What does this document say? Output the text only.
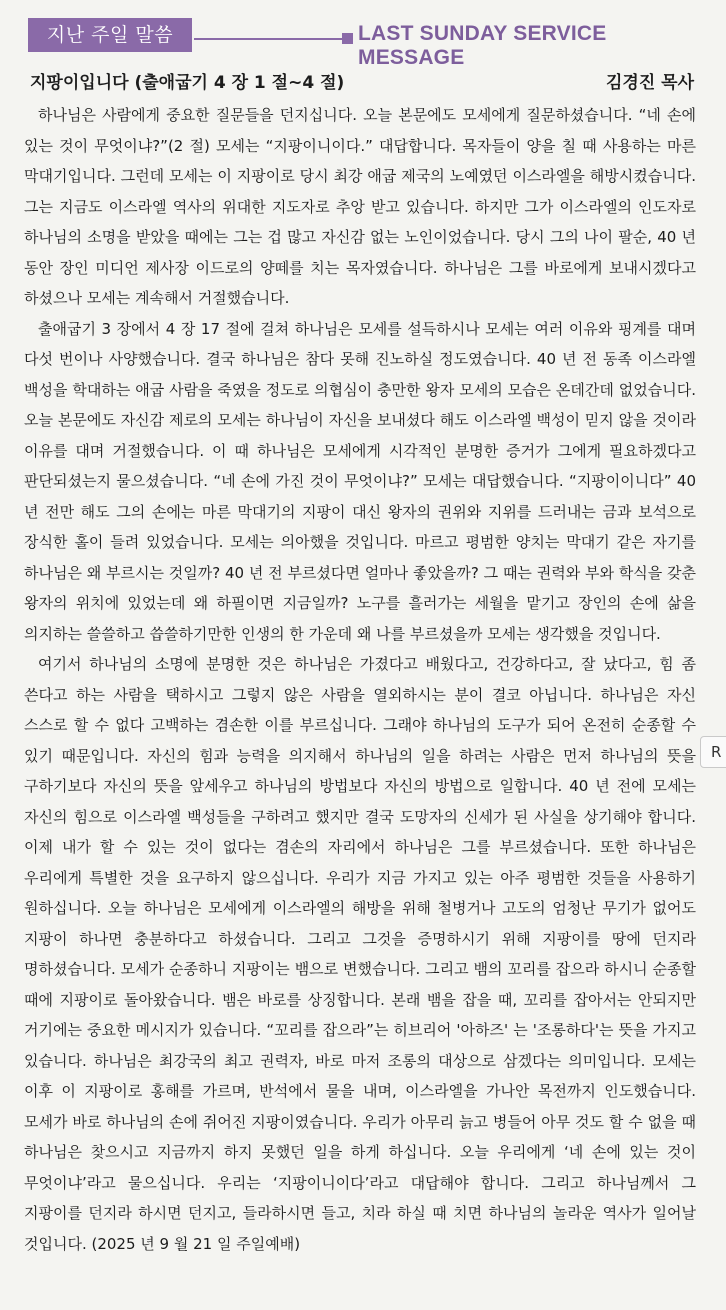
지난 주일 말씀	LAST SUNDAY SERVICE MESSAGE
지팡이입니다 (출애굽기 4 장 1 절~4 절)	김경진 목사

하나님은 사람에게 중요한 질문들을 던지십니다. 오늘 본문에도 모세에게 질문하셨습니다. “네 손에 있는 것이 무엇이냐?”(2 절) 모세는 “지팡이니이다.” 대답합니다. 목자들이 양을 칠 때 사용하는 마른 막대기입니다. 그런데 모세는 이 지팡이로 당시 최강 애굽 제국의 노예였던 이스라엘을 해방시켰습니다. 그는 지금도 이스라엘 역사의 위대한 지도자로 추앙 받고 있습니다. 하지만 그가 이스라엘의 인도자로 하나님의 소명을 받았을 때에는 그는 겁 많고 자신감 없는 노인이었습니다. 당시 그의 나이 팔순, 40 년 동안 장인 미디언 제사장 이드로의 양떼를 치는 목자였습니다. 하나님은 그를 바로에게 보내시겠다고 하셨으나 모세는 계속해서 거절했습니다.

출애굽기 3 장에서 4 장 17 절에 걸쳐 하나님은 모세를 설득하시나 모세는 여러 이유와 핑계를 대며 다섯 번이나 사양했습니다. 결국 하나님은 참다 못해 진노하실 정도였습니다. 40 년 전 동족 이스라엘 백성을 학대하는 애굽 사람을 죽였을 정도로 의협심이 충만한 왕자 모세의 모습은 온데간데 없었습니다. 오늘 본문에도 자신감 제로의 모세는 하나님이 자신을 보내셨다 해도 이스라엘 백성이 믿지 않을 것이라 이유를 대며 거절했습니다. 이 때 하나님은 모세에게 시각적인 분명한 증거가 그에게 필요하겠다고 판단되셨는지 물으셨습니다. “네 손에 가진 것이 무엇이냐?” 모세는 대답했습니다. “지팡이이니다” 40 년 전만 해도 그의 손에는 마른 막대기의 지팡이 대신 왕자의 권위와 지위를 드러내는 금과 보석으로 장식한 홀이 들려 있었습니다. 모세는 의아했을 것입니다. 마르고 평범한 양치는 막대기 같은 자기를 하나님은 왜 부르시는 것일까? 40 년 전 부르셨다면 얼마나 좋았을까? 그 때는 권력와 부와 학식을 갖춘 왕자의 위치에 있었는데 왜 하필이면 지금일까? 노구를 흘러가는 세월을 맡기고 장인의 손에 삶을 의지하는 쓸쓸하고 씁쓸하기만한 인생의 한 가운데 왜 나를 부르셨을까 모세는 생각했을 것입니다.

여기서 하나님의 소명에 분명한 것은 하나님은 가졌다고 배웠다고, 건강하다고, 잘 났다고, 힘 좀 쓴다고 하는 사람을 택하시고 그렇지 않은 사람을 열외하시는 분이 결코 아닙니다. 하나님은 자신 스스로 할 수 없다 고백하는 겸손한 이를 부르십니다. 그래야 하나님의 도구가 되어 온전히 순종할 수 있기 때문입니다. 자신의 힘과 능력을 의지해서 하나님의 일을 하려는 사람은 먼저 하나님의 뜻을 구하기보다 자신의 뜻을 앞세우고 하나님의 방법보다 자신의 방법으로 일합니다. 40 년 전에 모세는 자신의 힘으로 이스라엘 백성들을 구하려고 했지만 결국 도망자의 신세가 된 사실을 상기해야 합니다. 이제 내가 할 수 있는 것이 없다는 겸손의 자리에서 하나님은 그를 부르셨습니다. 또한 하나님은 우리에게 특별한 것을 요구하지 않으십니다. 우리가 지금 가지고 있는 아주 평범한 것들을 사용하기 원하십니다. 오늘 하나님은 모세에게 이스라엘의 해방을 위해 철병거나 고도의 엄청난 무기가 없어도 지팡이 하나면 충분하다고 하셨습니다. 그리고 그것을 증명하시기 위해 지팡이를 땅에 던지라 명하셨습니다. 모세가 순종하니 지팡이는 뱀으로 변했습니다. 그리고 뱀의 꼬리를 잡으라 하시니 순종할 때에 지팡이로 돌아왔습니다. 뱀은 바로를 상징합니다. 본래 뱀을 잡을 때, 꼬리를 잡아서는 안되지만 거기에는 중요한 메시지가 있습니다. “꼬리를 잡으라”는 히브리어 '아하즈' 는 '조롱하다'는 뜻을 가지고 있습니다. 하나님은 최강국의 최고 권력자, 바로 마저 조롱의 대상으로 삼겠다는 의미입니다. 모세는 이후 이 지팡이로 홍해를 가르며, 반석에서 물을 내며, 이스라엘을 가나안 목전까지 인도했습니다. 모세가 바로 하나님의 손에 쥐어진 지팡이였습니다. 우리가 아무리 늙고 병들어 아무 것도 할 수 없을 때 하나님은 찾으시고 지금까지 하지 못했던 일을 하게 하십니다. 오늘 우리에게 ‘네 손에 있는 것이 무엇이냐’라고 물으십니다. 우리는 ‘지팡이니이다’라고 대답해야 합니다. 그리고 하나님께서 그 지팡이를 던지라 하시면 던지고, 들라하시면 들고, 치라 하실 때 치면 하나님의 놀라운 역사가 일어날 것입니다. (2025 년 9 월 21 일 주일예배)

R
